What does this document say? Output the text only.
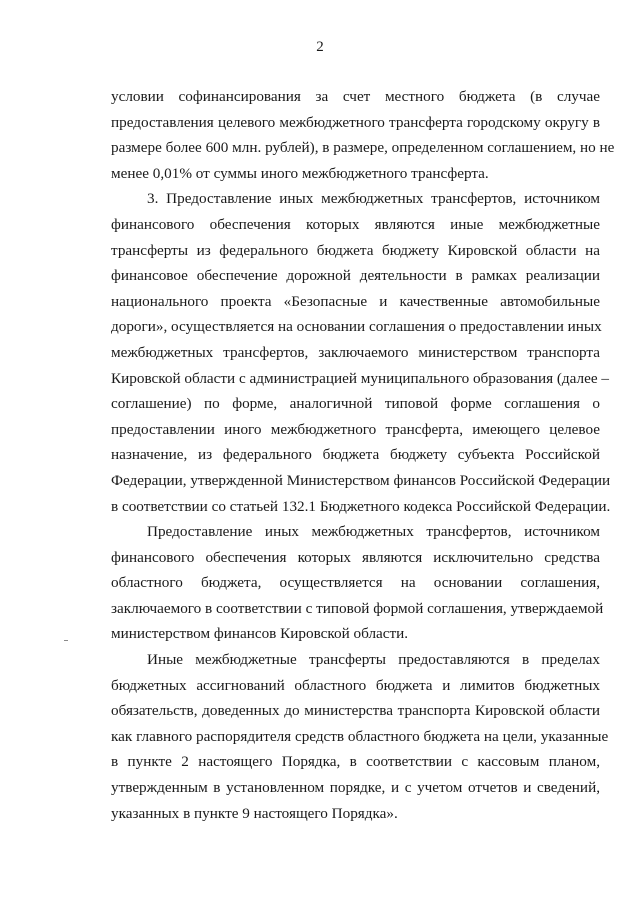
2
условии софинансирования за счет местного бюджета (в случае
предоставления целевого межбюджетного трансферта городскому округу в
размере более 600 млн. рублей), в размере, определенном соглашением, но не
менее 0,01% от суммы иного межбюджетного трансферта.
3. Предоставление иных межбюджетных трансфертов, источником
финансового обеспечения которых являются иные межбюджетные
трансферты из федерального бюджета бюджету Кировской области на
финансовое обеспечение дорожной деятельности в рамках реализации
национального проекта «Безопасные и качественные автомобильные
дороги», осуществляется на основании соглашения о предоставлении иных
межбюджетных трансфертов, заключаемого министерством транспорта
Кировской области с администрацией муниципального образования (далее –
соглашение) по форме, аналогичной типовой форме соглашения о
предоставлении иного межбюджетного трансферта, имеющего целевое
назначение, из федерального бюджета бюджету субъекта Российской
Федерации, утвержденной Министерством финансов Российской Федерации
в соответствии со статьей 132.1 Бюджетного кодекса Российской Федерации.
Предоставление иных межбюджетных трансфертов, источником
финансового обеспечения которых являются исключительно средства
областного бюджета, осуществляется на основании соглашения,
заключаемого в соответствии с типовой формой соглашения, утверждаемой
министерством финансов Кировской области.
Иные межбюджетные трансферты предоставляются в пределах
бюджетных ассигнований областного бюджета и лимитов бюджетных
обязательств, доведенных до министерства транспорта Кировской области
как главного распорядителя средств областного бюджета на цели, указанные
в пункте 2 настоящего Порядка, в соответствии с кассовым планом,
утвержденным в установленном порядке, и с учетом отчетов и сведений,
указанных в пункте 9 настоящего Порядка».
